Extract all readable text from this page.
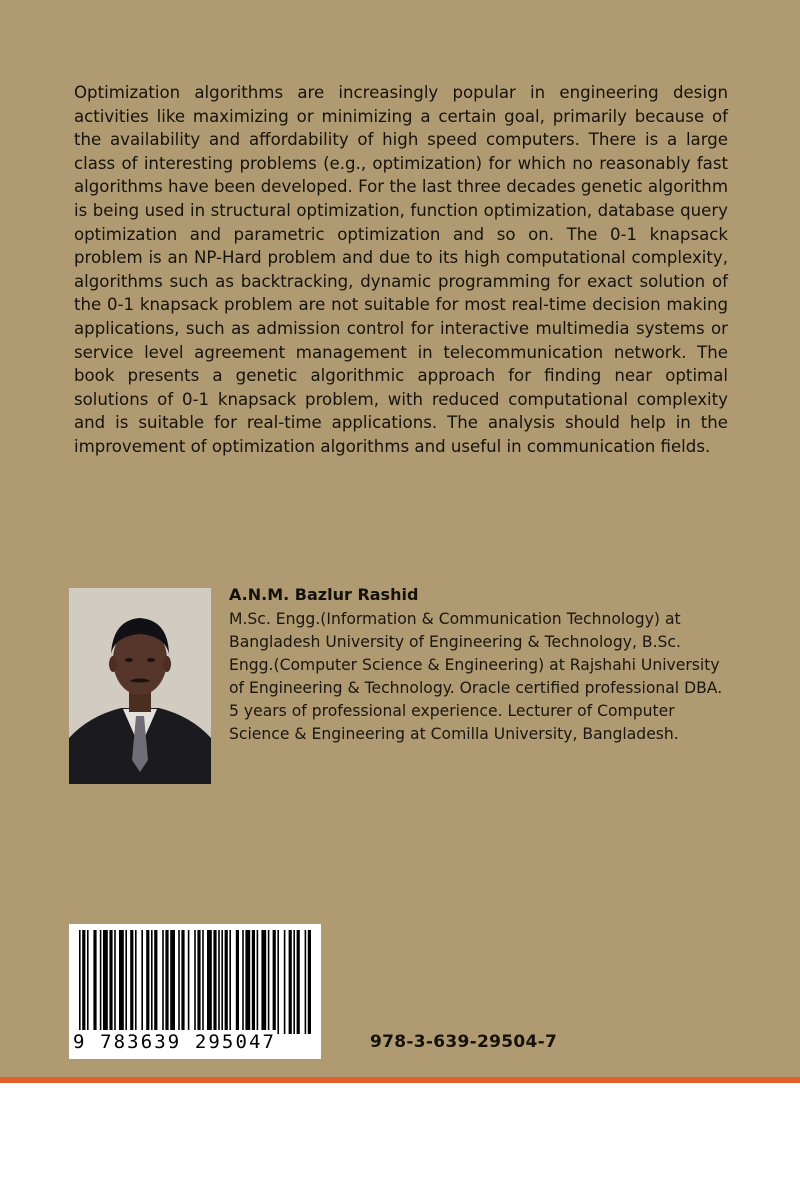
Optimization algorithms are increasingly popular in engineering design activities like maximizing or minimizing a certain goal, primarily because of the availability and affordability of high speed computers. There is a large class of interesting problems (e.g., optimization) for which no reasonably fast algorithms have been developed. For the last three decades genetic algorithm is being used in structural optimization, function optimization, database query optimization and parametric optimization and so on. The 0-1 knapsack problem is an NP-Hard problem and due to its high computational complexity, algorithms such as backtracking, dynamic programming for exact solution of the 0-1 knapsack problem are not suitable for most real-time decision making applications, such as admission control for interactive multimedia systems or service level agreement management in telecommunication network. The book presents a genetic algorithmic approach for finding near optimal solutions of 0-1 knapsack problem, with reduced computational complexity and is suitable for real-time applications. The analysis should help in the improvement of optimization algorithms and useful in communication fields.

A.N.M. Bazlur Rashid

M.Sc. Engg.(Information & Communication Technology) at Bangladesh University of Engineering & Technology, B.Sc. Engg.(Computer Science & Engineering) at Rajshahi University of Engineering & Technology. Oracle certified professional DBA. 5 years of professional experience. Lecturer of Computer Science & Engineering at Comilla University, Bangladesh.

9 783639 295047	978-3-639-29504-7
